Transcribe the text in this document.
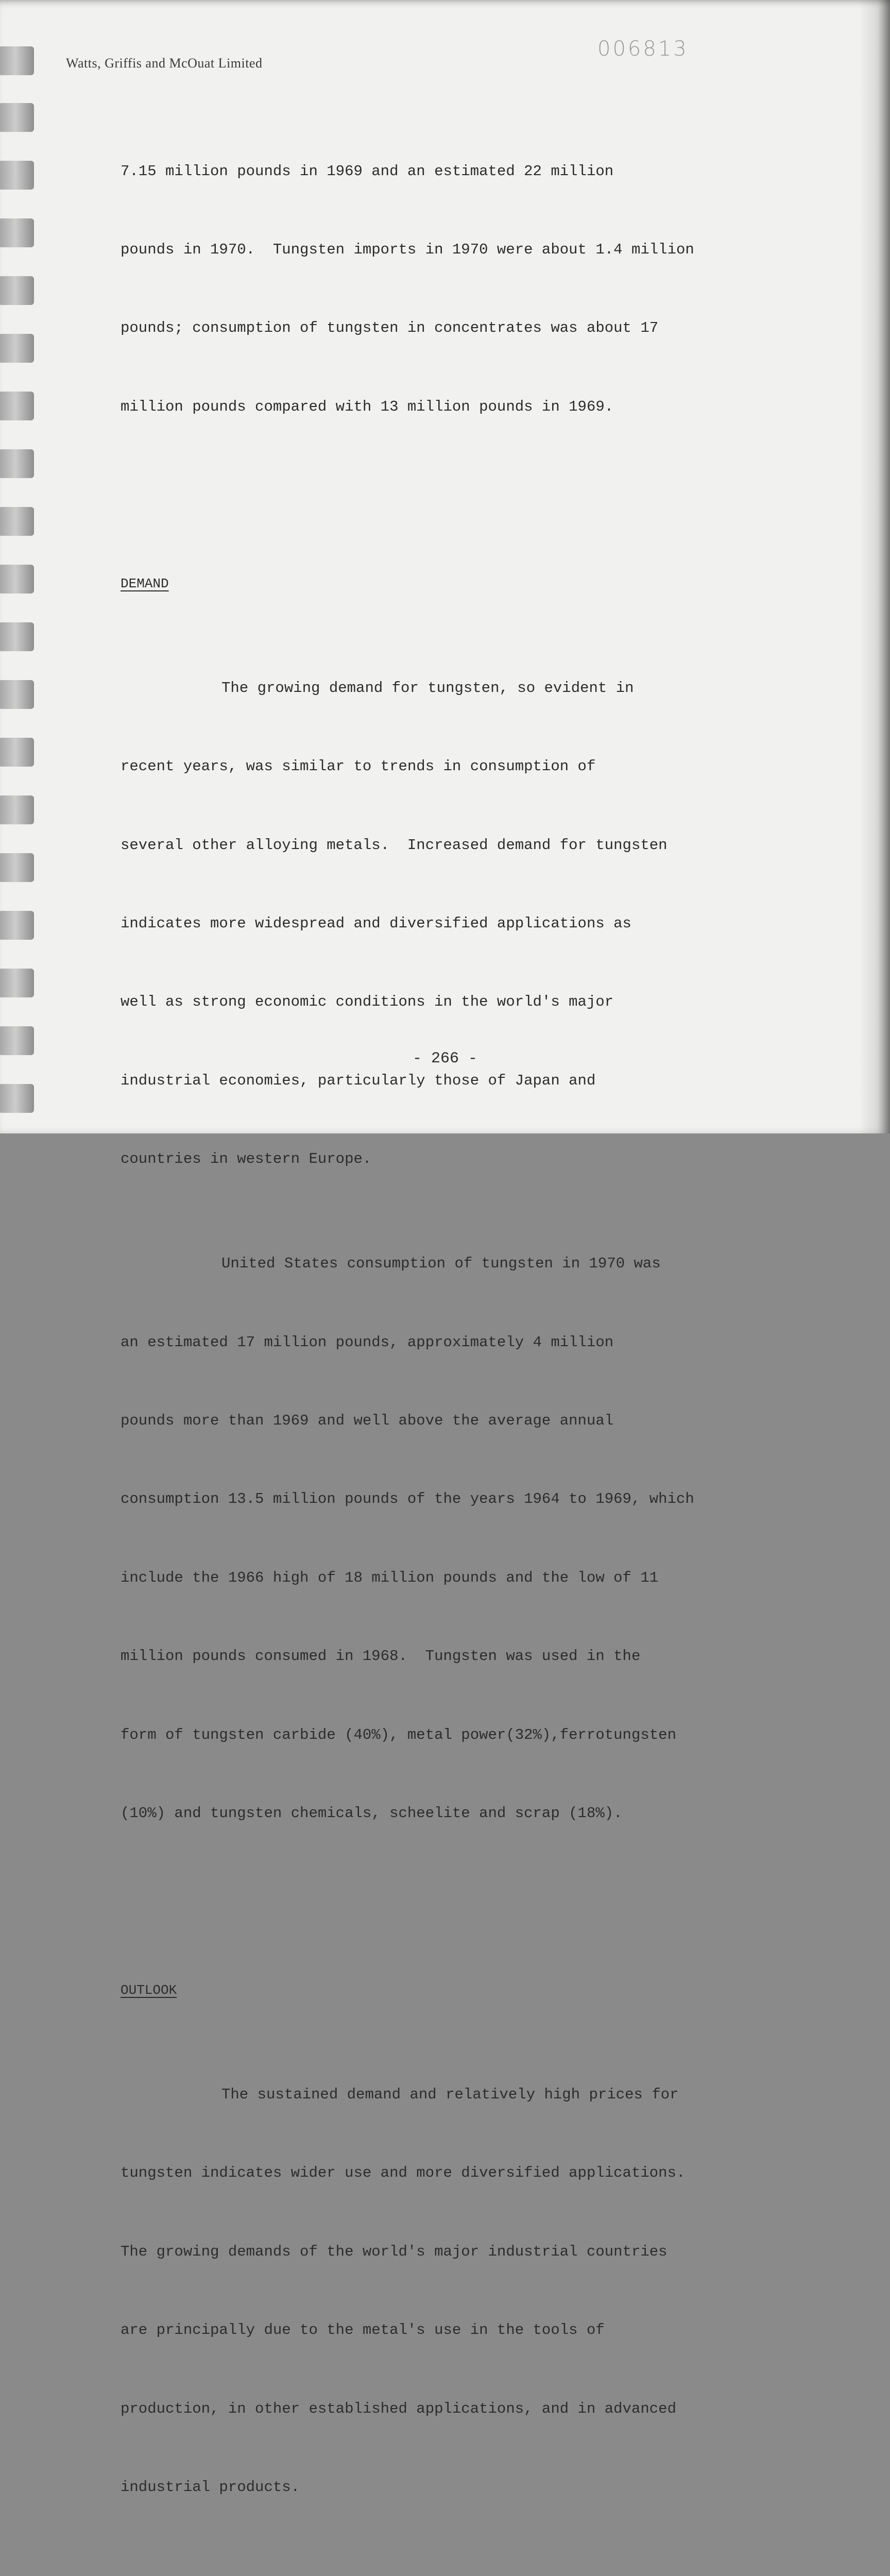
Watts, Griffis and McOuat Limited
006813

7.15 million pounds in 1969 and an estimated 22 million

pounds in 1970.  Tungsten imports in 1970 were about 1.4 million

pounds; consumption of tungsten in concentrates was about 17

million pounds compared with 13 million pounds in 1969.

DEMAND

The growing demand for tungsten, so evident in

recent years, was similar to trends in consumption of

several other alloying metals.  Increased demand for tungsten

indicates more widespread and diversified applications as

well as strong economic conditions in the world's major

industrial economies, particularly those of Japan and

countries in western Europe.

United States consumption of tungsten in 1970 was

an estimated 17 million pounds, approximately 4 million

pounds more than 1969 and well above the average annual

consumption 13.5 million pounds of the years 1964 to 1969, which

include the 1966 high of 18 million pounds and the low of 11

million pounds consumed in 1968.  Tungsten was used in the

form of tungsten carbide (40%), metal power(32%),ferrotungsten

(10%) and tungsten chemicals, scheelite and scrap (18%).

OUTLOOK

The sustained demand and relatively high prices for

tungsten indicates wider use and more diversified applications.

The growing demands of the world's major industrial countries

are principally due to the metal's use in the tools of

production, in other established applications, and in advanced

industrial products.

- 266 -
